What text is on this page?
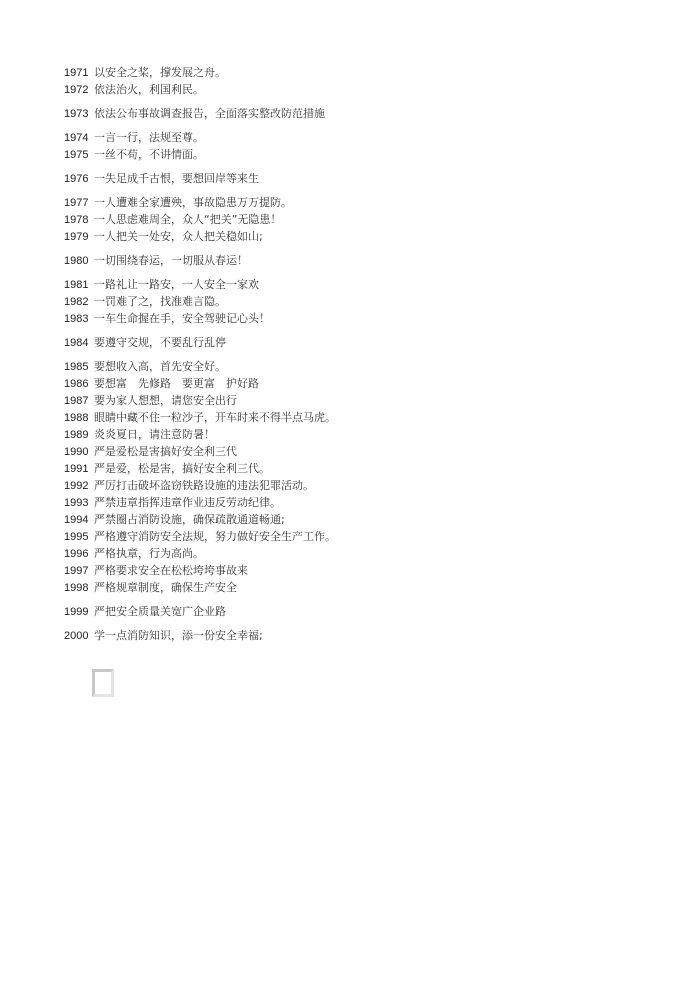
1971 以安全之桨，撑发展之舟。
1972 依法治火，利国利民。
1973 依法公布事故调查报告，全面落实整改防范措施
1974 一言一行，法规至尊。
1975 一丝不苟，不讲情面。
1976 一失足成千古恨，要想回岸等来生
1977 一人遭难全家遭殃，事故隐患万万提防。
1978 一人思虑难周全，众人“把关”无隐患！
1979 一人把关一处安，众人把关稳如山;
1980 一切围绕春运，一切服从春运！
1981 一路礼让一路安，一人安全一家欢
1982 一罚难了之，找准难言隐。
1983 一车生命握在手，安全驾驶记心头！
1984 要遵守交规，不要乱行乱停
1985 要想收入高，首先安全好。
1986 要想富　先修路　要更富　护好路
1987 要为家人想想，请您安全出行
1988 眼睛中藏不住一粒沙子，开车时来不得半点马虎。
1989 炎炎夏日，请注意防暑！
1990 严是爱松是害搞好安全利三代
1991 严是爱，松是害，搞好安全利三代。
1992 严厉打击破坏盗窃铁路设施的违法犯罪活动。
1993 严禁违章指挥违章作业违反劳动纪律。
1994 严禁圈占消防设施，确保疏散通道畅通;
1995 严格遵守消防安全法规，努力做好安全生产工作。
1996 严格执章，行为高尚。
1997 严格要求安全在松松垮垮事故来
1998 严格规章制度，确保生产安全
1999 严把安全质量关宽广企业路
2000 学一点消防知识，添一份安全幸福;
